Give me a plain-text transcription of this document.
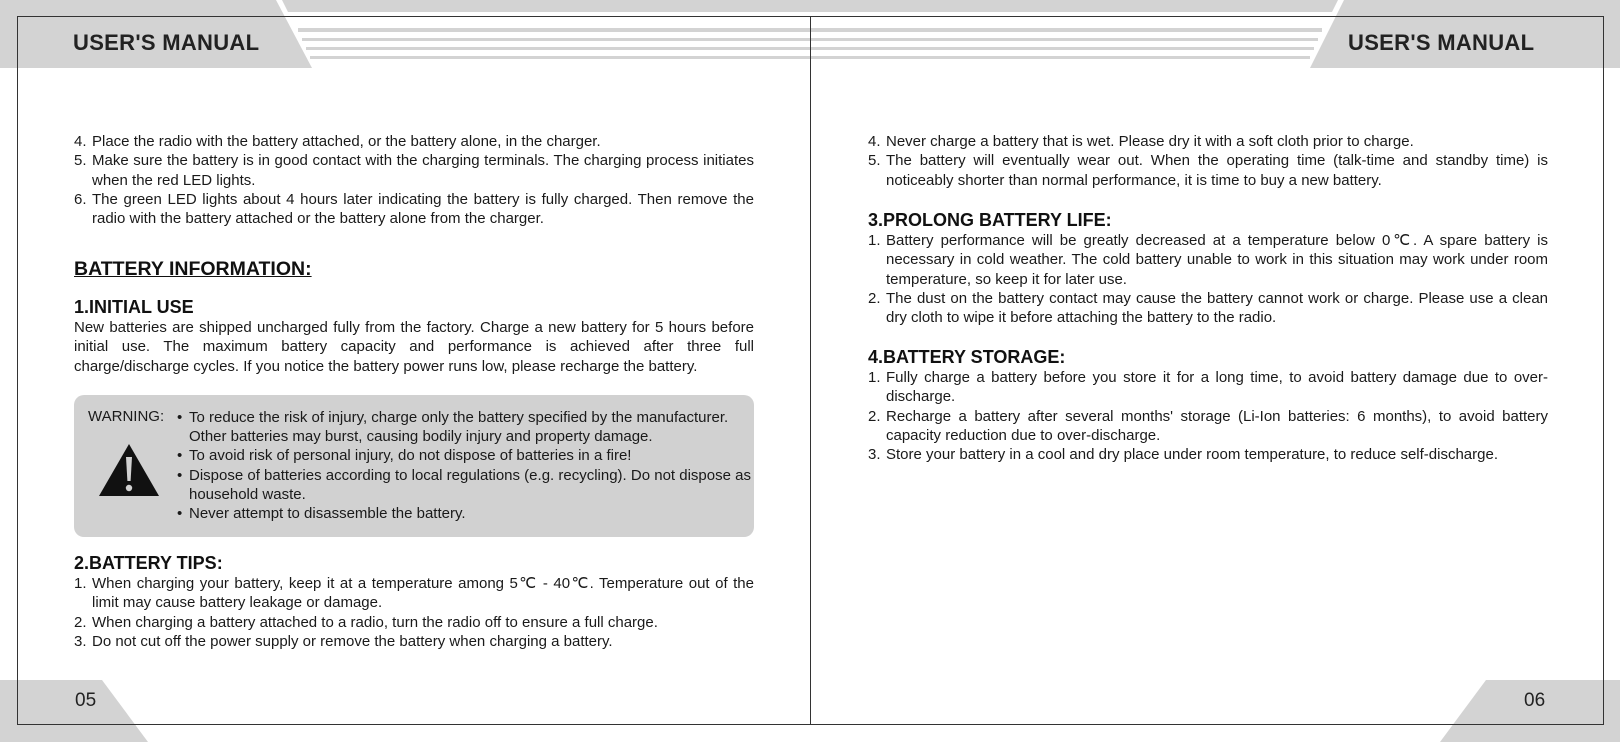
USER'S MANUAL	USER'S MANUAL
4. Place the radio with the battery attached, or the battery alone, in the charger.
5. Make sure the battery is in good contact with the charging terminals. The charging process initiates when the red LED lights.
6. The green LED lights about 4 hours later indicating the battery is fully charged. Then remove the radio with the battery attached or the battery alone from the charger.
BATTERY INFORMATION:
1.INITIAL USE
New batteries are shipped uncharged fully from the factory. Charge a new battery for 5 hours before initial use. The maximum battery capacity and performance is achieved after three full charge/discharge cycles. If you notice the battery power runs low, please recharge the battery.
WARNING: • To reduce the risk of injury, charge only the battery specified by the manufacturer. Other batteries may burst, causing bodily injury and property damage.
• To avoid risk of personal injury, do not dispose of batteries in a fire!
• Dispose of batteries according to local regulations (e.g. recycling). Do not dispose as household waste.
• Never attempt to disassemble the battery.
2.BATTERY TIPS:
1. When charging your battery, keep it at a temperature among 5℃ - 40℃. Temperature out of the limit may cause battery leakage or damage.
2. When charging a battery attached to a radio, turn the radio off to ensure a full charge.
3. Do not cut off the power supply or remove the battery when charging a battery.
05
4. Never charge a battery that is wet. Please dry it with a soft cloth prior to charge.
5. The battery will eventually wear out. When the operating time (talk-time and standby time) is noticeably shorter than normal performance, it is time to buy a new battery.
3.PROLONG BATTERY LIFE:
1. Battery performance will be greatly decreased at a temperature below 0℃. A spare battery is necessary in cold weather. The cold battery unable to work in this situation may work under room temperature, so keep it for later use.
2. The dust on the battery contact may cause the battery cannot work or charge. Please use a clean dry cloth to wipe it before attaching the battery to the radio.
4.BATTERY STORAGE:
1. Fully charge a battery before you store it for a long time, to avoid battery damage due to over-discharge.
2. Recharge a battery after several months' storage (Li-Ion batteries: 6 months), to avoid battery capacity reduction due to over-discharge.
3. Store your battery in a cool and dry place under room temperature, to reduce self-discharge.
06
